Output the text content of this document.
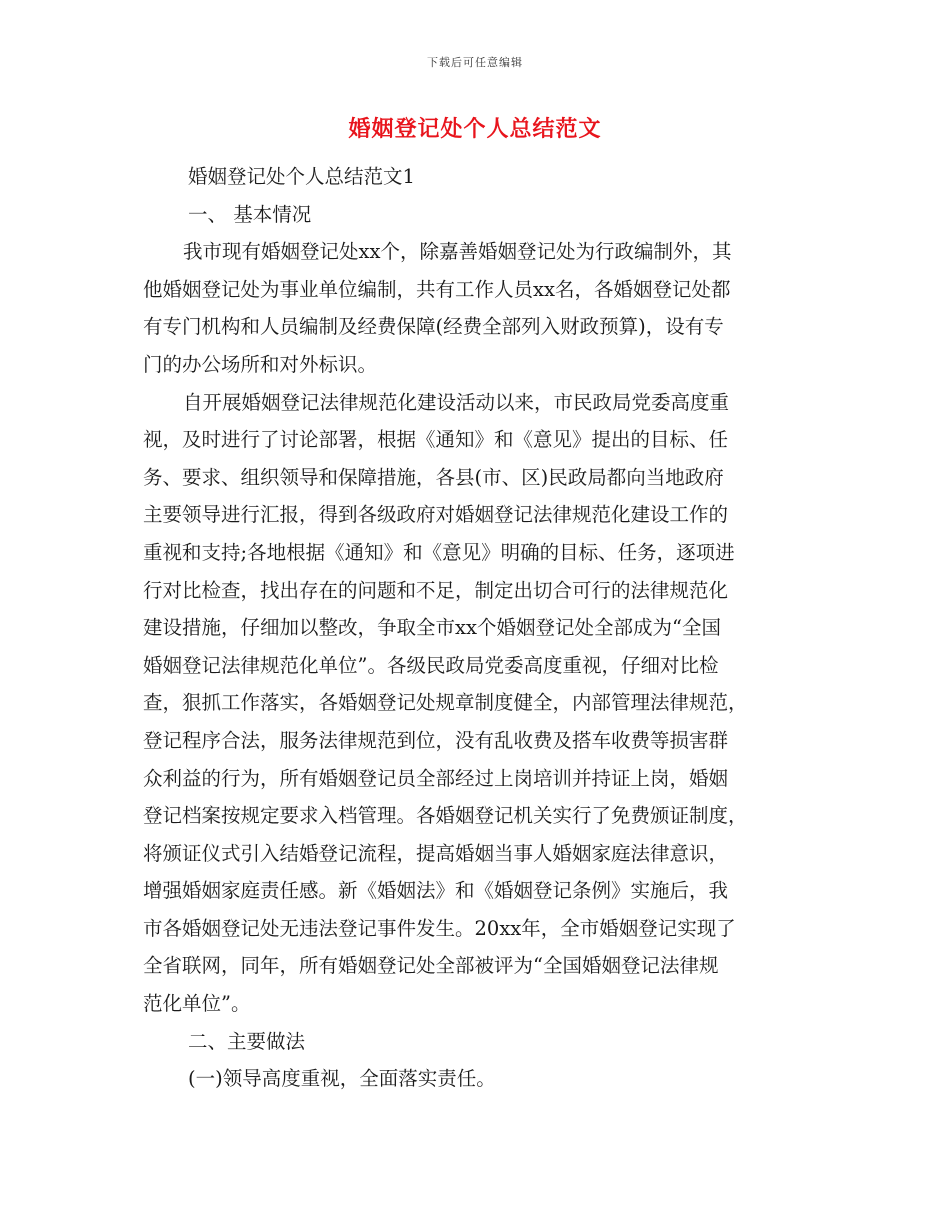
下载后可任意编辑
婚姻登记处个人总结范文
婚姻登记处个人总结范文1
一、 基本情况
我市现有婚姻登记处xx个，除嘉善婚姻登记处为行政编制外，其
他婚姻登记处为事业单位编制，共有工作人员xx名，各婚姻登记处都
有专门机构和人员编制及经费保障(经费全部列入财政预算)，设有专
门的办公场所和对外标识。
自开展婚姻登记法律规范化建设活动以来，市民政局党委高度重
视，及时进行了讨论部署，根据《通知》和《意见》提出的目标、任
务、要求、组织领导和保障措施，各县(市、区)民政局都向当地政府
主要领导进行汇报，得到各级政府对婚姻登记法律规范化建设工作的
重视和支持;各地根据《通知》和《意见》明确的目标、任务，逐项进
行对比检查，找出存在的问题和不足，制定出切合可行的法律规范化
建设措施，仔细加以整改，争取全市xx个婚姻登记处全部成为“全国
婚姻登记法律规范化单位”。各级民政局党委高度重视，仔细对比检
查，狠抓工作落实，各婚姻登记处规章制度健全，内部管理法律规范，
登记程序合法，服务法律规范到位，没有乱收费及搭车收费等损害群
众利益的行为，所有婚姻登记员全部经过上岗培训并持证上岗，婚姻
登记档案按规定要求入档管理。各婚姻登记机关实行了免费颁证制度，
将颁证仪式引入结婚登记流程，提高婚姻当事人婚姻家庭法律意识，
增强婚姻家庭责任感。新《婚姻法》和《婚姻登记条例》实施后，我
市各婚姻登记处无违法登记事件发生。20xx年，全市婚姻登记实现了
全省联网，同年，所有婚姻登记处全部被评为“全国婚姻登记法律规
范化单位”。
二、主要做法
(一)领导高度重视，全面落实责任。
